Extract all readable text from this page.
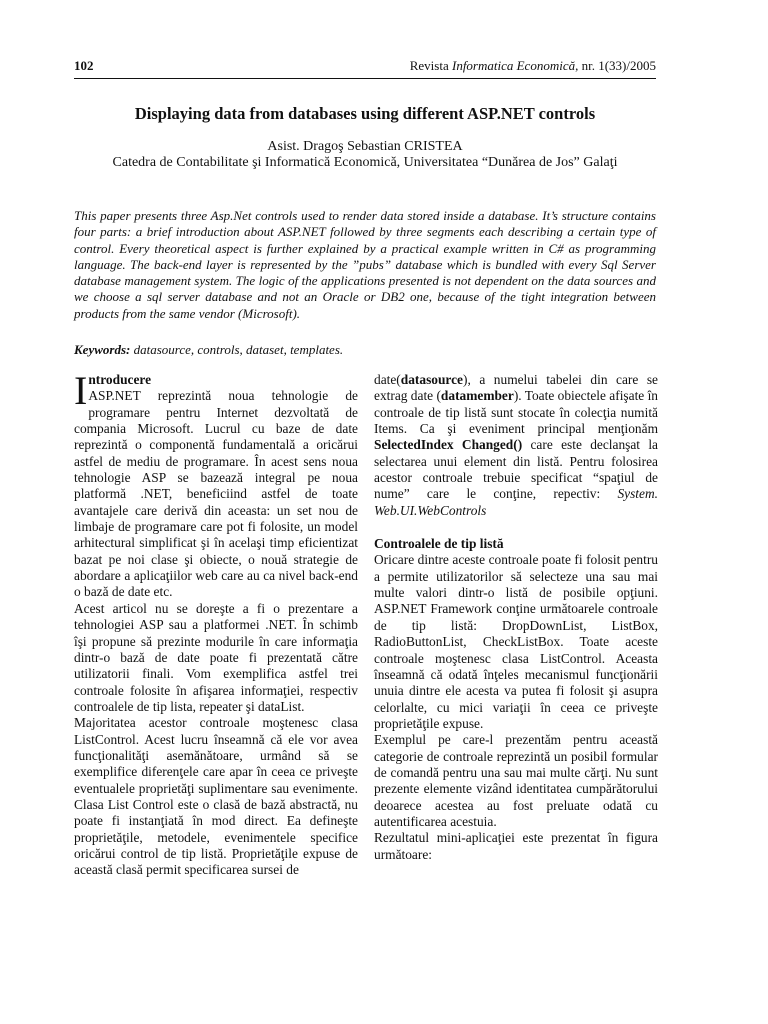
102	Revista Informatica Economică, nr. 1(33)/2005
Displaying data from databases using different ASP.NET controls
Asist. Dragoş Sebastian CRISTEA
Catedra de Contabilitate şi Informatică Economică, Universitatea “Dunărea de Jos” Galaţi
This paper presents three Asp.Net controls used to render data stored inside a database. It’s structure contains four parts: a brief introduction about ASP.NET followed by three segments each describing a certain type of control. Every theoretical aspect is further explained by a practical example written in C# as programming language. The back-end layer is represented by the ”pubs” database which is bundled with every Sql Server database management system. The logic of the applications presented is not dependent on the data sources and we choose a sql server database and not an Oracle or DB2 one, because of the tight integration between products from the same vendor (Microsoft).
Keywords: datasource, controls, dataset, templates.

Introducere
ASP.NET reprezintă noua tehnologie de programare pentru Internet dezvoltată de compania Microsoft. Lucrul cu baze de date reprezintă o componentă fundamentală a oricărui astfel de mediu de programare. În acest sens noua tehnologie ASP se bazează integral pe noua platformă .NET, beneficiind astfel de toate avantajele care derivă din aceasta: un set nou de limbaje de programare care pot fi folosite, un model arhitectural simplificat şi în acelaşi timp eficientizat bazat pe noi clase şi obiecte, o nouă strategie de abordare a aplicaţiilor web care au ca nivel back-end o bază de date etc.

Acest articol nu se doreşte a fi o prezentare a tehnologiei ASP sau a platformei .NET. În schimb îşi propune să prezinte modurile în care informaţia dintr-o bază de date poate fi prezentată către utilizatorii finali. Vom exemplifica astfel trei controale folosite în afişarea informaţiei, respectiv controalele de tip lista, repeater şi dataList.

Majoritatea acestor controale moştenesc clasa ListControl. Acest lucru înseamnă că ele vor avea funcţionalităţi asemănătoare, urmând să se exemplifice diferenţele care apar în ceea ce priveşte eventualele proprietăţi suplimentare sau evenimente. Clasa List Control este o clasă de bază abstractă, nu poate fi instanţiată în mod direct. Ea defineşte proprietăţile, metodele, evenimentele specifice oricărui control de tip listă. Proprietăţile expuse de această clasă permit specificarea sursei de

date(datasource), a numelui tabelei din care se extrag date (datamember). Toate obiectele afişate în controale de tip listă sunt stocate în colecţia numită Items. Ca şi eveniment principal menţionăm SelectedIndex Changed() care este declanşat la selectarea unui element din listă. Pentru folosirea acestor controale trebuie specificat “spaţiul de nume” care le conţine, repectiv: System. Web.UI.WebControls

Controalele de tip listă

Oricare dintre aceste controale poate fi folosit pentru a permite utilizatorilor să selecteze una sau mai multe valori dintr-o listă de posibile opţiuni. ASP.NET Framework conţine următoarele controale de tip listă: DropDownList, ListBox, RadioButtonList, CheckListBox. Toate aceste controale moştenesc clasa ListControl. Aceasta înseamnă că odată înţeles mecanismul funcţionării unuia dintre ele acesta va putea fi folosit şi asupra celorlalte, cu mici variaţii în ceea ce priveşte proprietăţile expuse.

Exemplul pe care-l prezentăm pentru această categorie de controale reprezintă un posibil formular de comandă pentru una sau mai multe cărţi. Nu sunt prezente elemente vizând identitatea cumpărătorului deoarece acestea au fost preluate odată cu autentificarea acestuia.

Rezultatul mini-aplicaţiei este prezentat în figura următoare:
